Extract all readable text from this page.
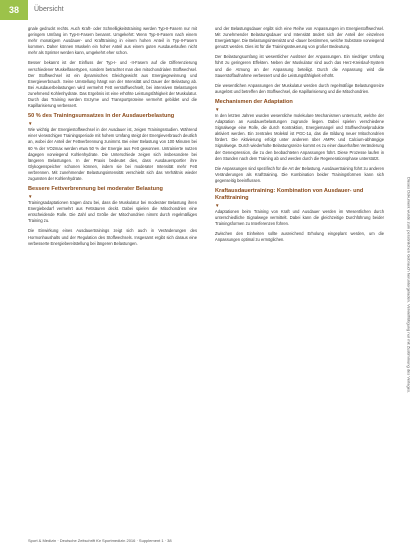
38	Übersicht

gnale gedruckt rechts. Auch Kraft- oder Schnelligkeitstraining werden Typ-II-Fasern nur mit geringem Umfang im Typ-II-Fasern benannt. Umgekehrt: Wenn Typ-II-Fasern nach einem mehr monatigem Ausdauer- und Krafttraining in einem hohen Anteil in Typ-II-Fasern kommen. Daher können Muskeln ein hoher Anteil aus einem guten Ausdauerlaufen nicht mehr als Sprinter werden kann, umgekehrt eher schon.

Besser bekannt ist der Einfluss der Typ-I- und -II-Fasern auf die Differenzierung verschiedener Muskelfasertypen, sondern betrachtet man den mitochondrialen Stoffwechsel. Der Stoffwechsel ist ein dynamisches Gleichgewicht aus Energiegewinnung und Energieverbrauch. Seine Umstellung hängt von der Intensität und Dauer der Belastung ab. Bei Ausdauerbelastungen wird vermehrt Fett verstoffwechselt, bei intensiven Belastungen zunehmend Kohlenhydrate. Das Ergebnis ist eine erhöhte Leistungsfähigkeit der Muskulatur. Durch das Training werden Enzyme und Transportproteine vermehrt gebildet und die Kapillarisierung verbessert.

50 % des Trainingsumsatzes in der Ausdauerbelastung
▼

Wie wichtig der Energiestoffwechsel in der Ausdauer ist, zeigen Trainingsstudien. Während einer vierwöchigen Trainingsperiode mit hohem Umfang steigt der Energieverbrauch deutlich an, wobei der Anteil der Fettverbrennung zunimmt. Bei einer Belastung von 100 Minuten bei 60 % der VO2max werden etwa 50 % der Energie aus Fett gewonnen. Untrainierte nutzen dagegen vorwiegend Kohlenhydrate. Die Unterschiede zeigen sich insbesondere bei längeren Belastungen. In der Praxis bedeutet dies, dass Ausdauersportler ihre Glykogenspeicher schonen können, indem sie bei moderater Intensität mehr Fett verbrennen. Mit zunehmender Belastungsintensität verschiebt sich das Verhältnis wieder zugunsten der Kohlenhydrate.

Bessere Fettverbrennung bei moderater Belastung
▼

Trainingsadaptationen tragen dazu bei, dass die Muskulatur bei moderater Belastung ihren Energiebedarf vermehrt aus Fettsäuren deckt. Dabei spielen die Mitochondrien eine entscheidende Rolle. Die Zahl und Größe der Mitochondrien nimmt durch regelmäßiges Training zu.

Die Einwirkung eines Ausdauertrainings zeigt sich auch in Veränderungen des Hormonhaushalts und der Regulation des Stoffwechsels. Insgesamt ergibt sich daraus eine verbesserte Energiebereitstellung bei längeren Belastungen.

und der Belastungsdauer ergibt sich eine Reihe von Anpassungen im Energiestoffwechsel. Mit zunehmender Belastungsdauer und Intensität ändert sich der Anteil der einzelnen Energieträger. Die Belastungsintensität und -dauer bestimmen, welche Substrate vorwiegend genutzt werden. Dies ist für die Trainingssteuerung von großer Bedeutung.

Der Belastungsumfang ist wesentlicher Auslöser der Anpassungen. Ein niedriger Umfang führt zu geringeren Effekten. Neben der Muskulatur sind auch das Herz-Kreislauf-System und die Atmung an der Anpassung beteiligt. Durch die Anpassung wird die Sauerstoffaufnahme verbessert und die Leistungsfähigkeit erhöht.

Die wesentlichen Anpassungen der Muskulatur werden durch regelmäßige Belastungsreize ausgelöst und betreffen den Stoffwechsel, die Kapillarisierung und die Mitochondrien.

Mechanismen der Adaptation
▼

In den letzten Jahren wurden wesentliche molekulare Mechanismen untersucht, welche der Adaptation an Ausdauerbelastungen zugrunde liegen. Dabei spielen verschiedene Signalwege eine Rolle, die durch Kontraktion, Energiemangel und Stoffwechselprodukte aktiviert werden. Ein zentrales Molekül ist PGC-1α, das die Bildung neuer Mitochondrien fördert. Die Aktivierung erfolgt unter anderem über AMPK und Calcium-abhängige Signalwege. Durch wiederholte Belastungsreize kommt es zu einer dauerhaften Veränderung der Genexpression, die zu den beobachteten Anpassungen führt. Diese Prozesse laufen in den Stunden nach dem Training ab und werden durch die Regenerationsphase unterstützt.

Die Anpassungen sind spezifisch für die Art der Belastung. Ausdauertraining führt zu anderen Veränderungen als Krafttraining. Die Kombination beider Trainingsformen kann sich gegenseitig beeinflussen.

Kraftausdauertraining: Kombination von Ausdauer- und Krafttraining
▼

Adaptationen beim Training von Kraft und Ausdauer werden im Wesentlichen durch unterschiedliche Signalwege vermittelt. Dabei kann die gleichzeitige Durchführung beider Trainingsformen zu Interferenzen führen.

Zwischen den Einheiten sollte ausreichend Erholung eingeplant werden, um die Anpassungen optimal zu ermöglichen.

Sport & Medizin · Deutsche Zeitschrift für Sportmedizin 2016 · Supplement 1 · 38
Dieses Dokument wurde zum persönlichen Gebrauch heruntergeladen. Vervielfältigung nur mit Zustimmung des Verlages.
